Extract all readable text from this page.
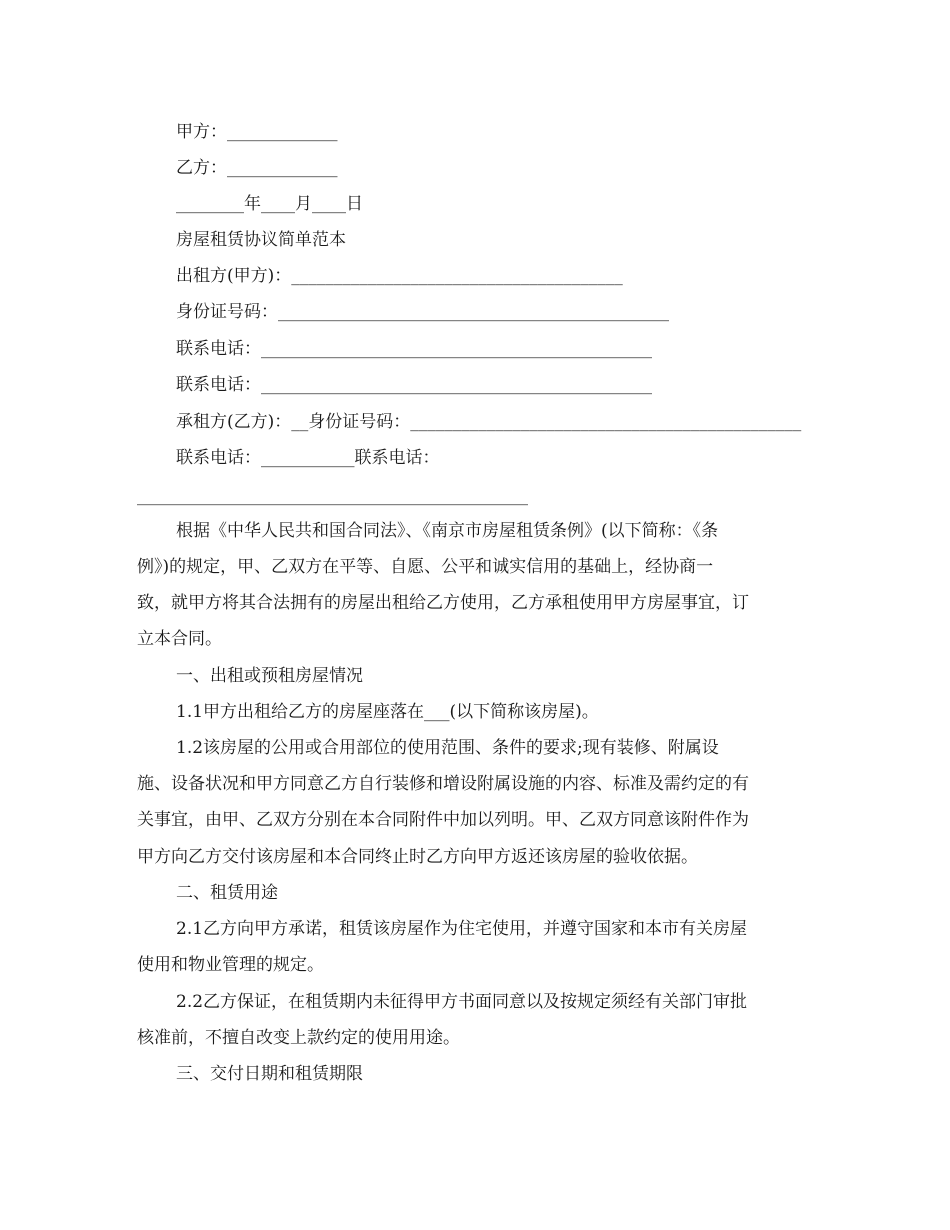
甲方：_____________
乙方：_____________
________年____月____日
房屋租赁协议简单范本
出租方(甲方)：_______________________________________
身份证号码：______________________________________________
联系电话：______________________________________________
联系电话：______________________________________________
承租方(乙方)：__身份证号码：______________________________________________
联系电话：___________联系电话：
______________________________________________
根据《中华人民共和国合同法》、《南京市房屋租赁条例》(以下简称：《条
例》)的规定，甲、乙双方在平等、自愿、公平和诚实信用的基础上，经协商一
致，就甲方将其合法拥有的房屋出租给乙方使用，乙方承租使用甲方房屋事宜，订
立本合同。
一、出租或预租房屋情况
1.1甲方出租给乙方的房屋座落在___(以下简称该房屋)。
1.2该房屋的公用或合用部位的使用范围、条件的要求;现有装修、附属设
施、设备状况和甲方同意乙方自行装修和增设附属设施的内容、标准及需约定的有
关事宜，由甲、乙双方分别在本合同附件中加以列明。甲、乙双方同意该附件作为
甲方向乙方交付该房屋和本合同终止时乙方向甲方返还该房屋的验收依据。
二、租赁用途
2.1乙方向甲方承诺，租赁该房屋作为住宅使用，并遵守国家和本市有关房屋
使用和物业管理的规定。
2.2乙方保证，在租赁期内未征得甲方书面同意以及按规定须经有关部门审批
核准前，不擅自改变上款约定的使用用途。
三、交付日期和租赁期限
